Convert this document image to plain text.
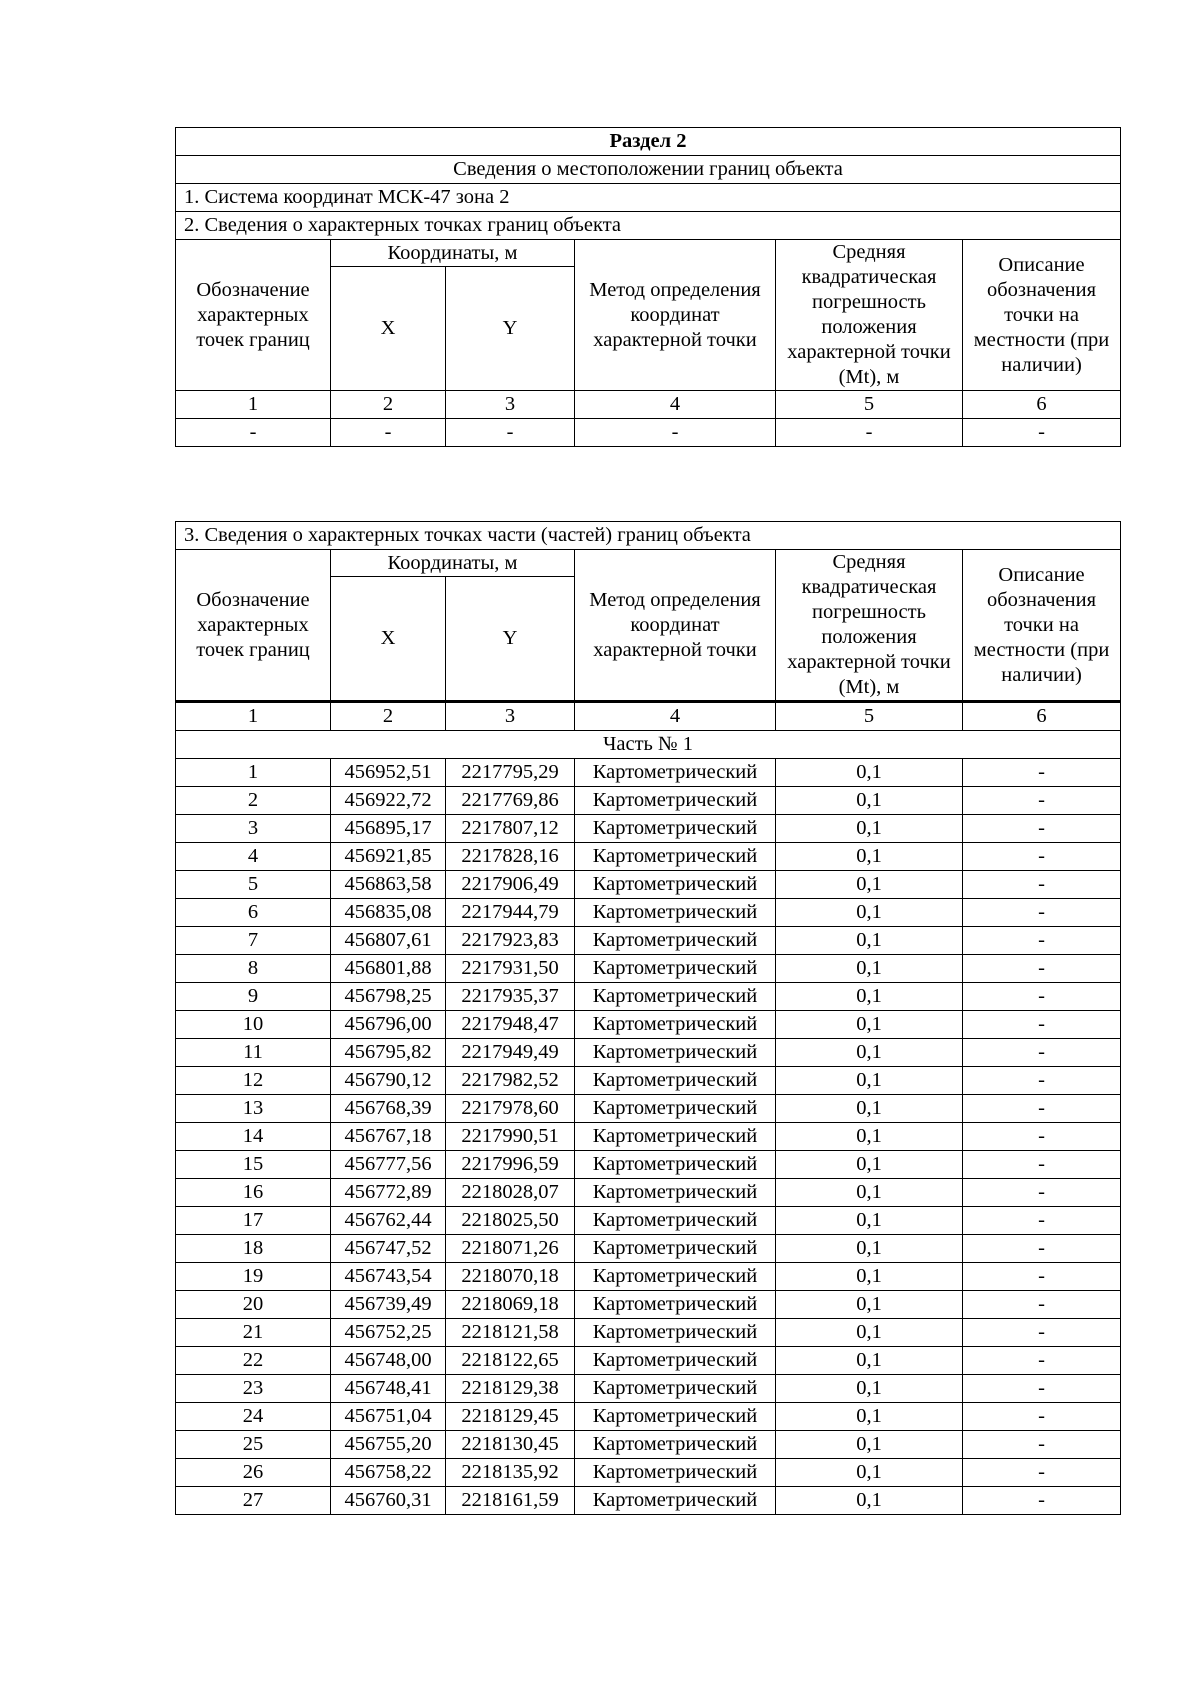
Раздел 2					
Сведения о местоположении границ объекта					
1. Система координат МСК-47 зона 2					
2. Сведения о характерных точках границ объекта					
Обозначение характерных точек границ	Координаты, м		Метод определения координат характерной точки	Средняя квадратическая погрешность положения характерной точки (Mt), м	Описание обозначения точки на местности (при наличии)
	X	Y			
1	2	3	4	5	6
-	-	-	-	-	-
3. Сведения о характерных точках части (частей) границ объекта					
Обозначение характерных точек границ	Координаты, м		Метод определения координат характерной точки	Средняя квадратическая погрешность положения характерной точки (Mt), м	Описание обозначения точки на местности (при наличии)
	X	Y			
1	2	3	4	5	6
Часть № 1					
1	456952,51	2217795,29	Картометрический	0,1	-
2	456922,72	2217769,86	Картометрический	0,1	-
3	456895,17	2217807,12	Картометрический	0,1	-
4	456921,85	2217828,16	Картометрический	0,1	-
5	456863,58	2217906,49	Картометрический	0,1	-
6	456835,08	2217944,79	Картометрический	0,1	-
7	456807,61	2217923,83	Картометрический	0,1	-
8	456801,88	2217931,50	Картометрический	0,1	-
9	456798,25	2217935,37	Картометрический	0,1	-
10	456796,00	2217948,47	Картометрический	0,1	-
11	456795,82	2217949,49	Картометрический	0,1	-
12	456790,12	2217982,52	Картометрический	0,1	-
13	456768,39	2217978,60	Картометрический	0,1	-
14	456767,18	2217990,51	Картометрический	0,1	-
15	456777,56	2217996,59	Картометрический	0,1	-
16	456772,89	2218028,07	Картометрический	0,1	-
17	456762,44	2218025,50	Картометрический	0,1	-
18	456747,52	2218071,26	Картометрический	0,1	-
19	456743,54	2218070,18	Картометрический	0,1	-
20	456739,49	2218069,18	Картометрический	0,1	-
21	456752,25	2218121,58	Картометрический	0,1	-
22	456748,00	2218122,65	Картометрический	0,1	-
23	456748,41	2218129,38	Картометрический	0,1	-
24	456751,04	2218129,45	Картометрический	0,1	-
25	456755,20	2218130,45	Картометрический	0,1	-
26	456758,22	2218135,92	Картометрический	0,1	-
27	456760,31	2218161,59	Картометрический	0,1	-
